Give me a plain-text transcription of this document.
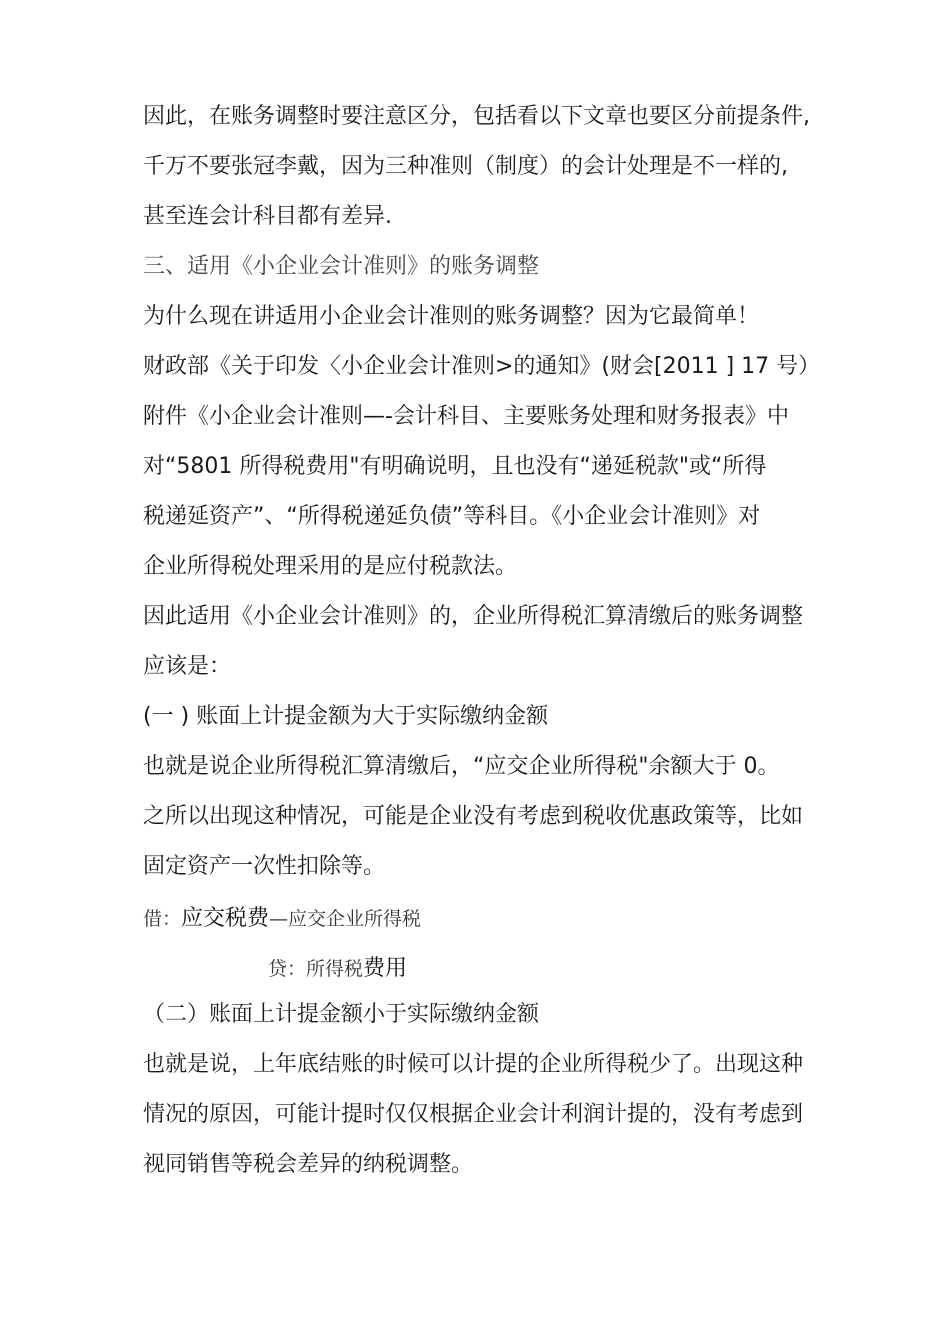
因此，在账务调整时要注意区分，包括看以下文章也要区分前提条件,
千万不要张冠李戴，因为三种准则（制度）的会计处理是不一样的,
甚至连会计科目都有差异.
三、适用《小企业会计准则》的账务调整
为什么现在讲适用小企业会计准则的账务调整？因为它最简单！
财政部《关于印发〈小企业会计准则>的通知》(财会[2011 ] 17 号）
附件《小企业会计准则—-会计科目、主要账务处理和财务报表》中
对“5801 所得税费用"有明确说明，且也没有“递延税款"或“所得
税递延资产”、“所得税递延负债”等科目。《小企业会计准则》对
企业所得税处理采用的是应付税款法。
因此适用《小企业会计准则》的，企业所得税汇算清缴后的账务调整
应该是：
(一 ) 账面上计提金额为大于实际缴纳金额
也就是说企业所得税汇算清缴后，“应交企业所得税"余额大于 0。
之所以出现这种情况，可能是企业没有考虑到税收优惠政策等，比如
固定资产一次性扣除等。
借：应交税费—应交企业所得税
贷：所得税费用
（二）账面上计提金额小于实际缴纳金额
也就是说，上年底结账的时候可以计提的企业所得税少了。出现这种
情况的原因，可能计提时仅仅根据企业会计利润计提的，没有考虑到
视同销售等税会差异的纳税调整。
